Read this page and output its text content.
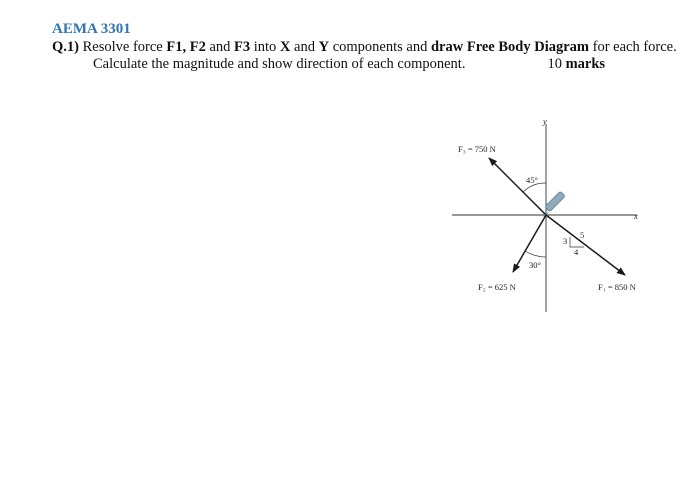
AEMA 3301
Q.1) Resolve force F1, F2 and F3 into X and Y components and draw Free Body Diagram for each force.
Calculate the magnitude and show direction of each component.	10 marks
x
y
F₃ = 750 N
45°
F₂ = 625 N
30°
F₁ = 850 N
3
4
5
